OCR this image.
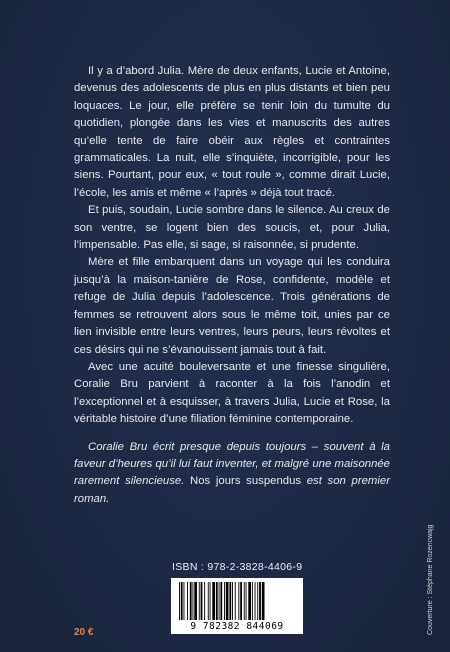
Il y a d’abord Julia. Mère de deux enfants, Lucie et Antoine, devenus des adolescents de plus en plus distants et bien peu loquaces. Le jour, elle préfère se tenir loin du tumulte du quotidien, plongée dans les vies et manuscrits des autres qu’elle tente de faire obéir aux règles et contraintes grammaticales. La nuit, elle s’inquiète, incorrigible, pour les siens. Pourtant, pour eux, « tout roule », comme dirait Lucie, l’école, les amis et même « l’après » déjà tout tracé.

Et puis, soudain, Lucie sombre dans le silence. Au creux de son ventre, se logent bien des soucis, et, pour Julia, l’impensable. Pas elle, si sage, si raisonnée, si prudente.

Mère et fille embarquent dans un voyage qui les conduira jusqu’à la maison-tanière de Rose, confidente, modèle et refuge de Julia depuis l’adolescence. Trois générations de femmes se retrouvent alors sous le même toit, unies par ce lien invisible entre leurs ventres, leurs peurs, leurs révoltes et ces désirs qui ne s’évanouissent jamais tout à fait.

Avec une acuité bouleversante et une finesse singulière, Coralie Bru parvient à raconter à la fois l’anodin et l’exceptionnel et à esquisser, à travers Julia, Lucie et Rose, la véritable histoire d’une filiation féminine contemporaine.

Coralie Bru écrit presque depuis toujours – souvent à la faveur d’heures qu’il lui faut inventer, et malgré une maisonnée rarement silencieuse. Nos jours suspendus est son premier roman.

ISBN : 978-2-3828-4406-9
9 782382 844069
20 €	Couverture : Stéphane Rozencwajg
